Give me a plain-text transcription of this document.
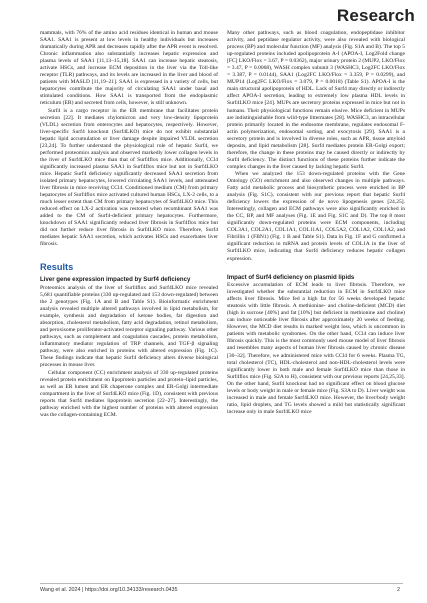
Research

mammals, with 76% of the amino acid residues identical in human and mouse SAA1. SAA1 is present at low levels in healthy individuals but increases dramatically during APR and decreases rapidly after the APR event is resolved. Chronic inflammation also substantially increases hepatic expression and plasma levels of SAA1 [11,13–15,18]. SAA1 can increase hepatic steatosis, activate HSCs, and increase ECM deposition in the liver via the Toll-like receptor (TLR) pathways, and its levels are increased in the liver and blood of patients with MASLD [11,19–21]. SAA1 is expressed in a variety of cells, but hepatocytes contribute the majority of circulating SAA1 under basal and stimulated conditions. How SAA1 is transported from the endoplasmic reticulum (ER) and secreted from cells, however, is still unknown.

Surf4 is a cargo receptor in the ER membrane that facilitates protein secretion [22]. It mediates chylomicron and very low-density lipoprotein (VLDL) secretion from enterocytes and hepatocytes, respectively. However, liver-specific Surf4 knockout (Surf4LKO) mice do not exhibit substantial hepatic lipid accumulation or liver damage despite impaired VLDL secretion [23,24]. To further understand the physiological role of hepatic Surf4, we performed proteomics analysis and observed markedly lower collagen levels in the liver of Surf4LKO mice than that of Surf4flox mice. Additionally, CCl4 significantly increased plasma SAA1 in Surf4flox mice but not in Surf4LKO mice. Hepatic Surf4 deficiency significantly decreased SAA1 secretion from isolated primary hepatocytes, lowered circulating SAA1 levels, and attenuated liver fibrosis in mice receiving CCl4. Conditioned medium (CM) from primary hepatocytes of Surf4flox mice activated cultured human HSCs, LX-2 cells, to a much lesser extent than CM from primary hepatocytes of Surf4LKO mice. This reduced effect on LX-2 activation was restored when recombinant SAA1 was added to the CM of Surf4-deficient primary hepatocytes. Furthermore, knockdown of SAA1 significantly reduced liver fibrosis in Surf4flox mice but did not further reduce liver fibrosis in Surf4LKO mice. Therefore, Surf4 mediates hepatic SAA1 secretion, which activates HSCs and exacerbates liver fibrosis.

Results
Liver gene expression impacted by Surf4 deficiency

Proteomics analysis of the liver of Surf4flox and Surf4LKO mice revealed 5,681 quantifiable proteins (330 up-regulated and 153 down-regulated) between the 2 genotypes (Fig. 1A and B and Table S1). Bioinformatic enrichment analysis revealed multiple altered pathways involved in lipid metabolism, for example, synthesis and degradation of ketone bodies, fat digestion and absorption, cholesterol metabolism, fatty acid degradation, retinol metabolism, and peroxisome proliferator-activated receptor signaling pathway. Various other pathways, such as complement and coagulation cascades, protein metabolism, inflammatory mediator regulation of TRP channels, and TGF-β signaling pathway, were also enriched in proteins with altered expression (Fig. 1C). These findings indicate that hepatic Surf4 deficiency alters diverse biological processes in mouse liver.

Cellular component (CC) enrichment analysis of 330 up-regulated proteins revealed protein enrichment on lipoprotein particles and protein–lipid particles, as well as ER lumen and ER chaperone complex and ER-Golgi intermediate compartment in the liver of Surf4LKO mice (Fig. 1D), consistent with previous reports that Surf4 mediates lipoprotein secretion [22–27]. Interestingly, the pathway enriched with the highest number of proteins with altered expression was the collagen-containing ECM.

Many other pathways, such as blood coagulation, endopeptidase inhibitor activity, and peptidase regulator activity, were also revealed with biological process (BP) and molecular function (MF) analysis (Fig. S1A and B). The top 5 up-regulated proteins included apolipoprotein A-I (APOA-I, Log2Fold change [FC] LKO/Flox = 3.67, P = 0.0362), major urinary protein 2 (MUP2, LKO/Flox = 3.47, P = 0.0068), WASH complex subunit 3 (WASHC3, Log2FC LKO/Flox = 3.387, P = 0.0144), SAA1 (Log2FC LKO/Flox = 3.359, P = 0.0299), and MUP14 (Log2FC LKO/Flox = 3.079, P = 0.0018) (Table S1). APOA-I is the main structural apolipoprotein of HDL. Lack of Surf4 may directly or indirectly affect APOA-I secretion, leading to extremely low plasma HDL levels in Surf4LKO mice [24]. MUPs are secretory proteins expressed in mice but not in humans. Their physiological functions remain elusive. Mice deficient in MUPs are indistinguishable from wild-type littermates [28]. WASHC3, an intracellular protein primarily located in the endosome membrane, regulates endosomal F-actin polymerization, endosomal sorting, and exocytosis [29]. SAA1 is a secretory protein and is involved in diverse roles, such as APR, tissue amyloid deposits, and lipid metabolism [28]. Surf4 mediates protein ER-Golgi export; therefore, the change in these proteins may be caused directly or indirectly by Surf4 deficiency. The distinct functions of these proteins further indicate the complex changes in the liver caused by lacking hepatic Surf4.

When we analyzed the 153 down-regulated proteins with the Gene Ontology (GO) enrichment and also observed changes in multiple pathways. Fatty acid metabolic process and biosynthetic process were enriched in BP analysis (Fig. S1C), consistent with our previous report that hepatic Surf4 deficiency lowers the expression of de novo lipogenesis genes [24,25]. Interestingly, collagen and ECM pathways were also significantly enriched in the CC, BP, and MF analyses (Fig. 1E and Fig. S1C and D). The top 8 most significantly down-regulated proteins were ECM components, including COL3A1, COL2A1, COL1A1, COL11A1, COL5A2, COL1A2, COL1A2, and Fibrillin 1 (FBN1) (Fig. 1 B and Table S1). Data in Fig. 1F and G confirmed a significant reduction in mRNA and protein levels of COL1A in the liver of Surf4LKO mice, indicating that Surf4 deficiency reduces hepatic collagen expression.

Impact of Surf4 deficiency on plasmid lipids

Excessive accumulation of ECM leads to liver fibrosis. Therefore, we investigated whether the substantial reduction in ECM in Surf4LKO mice affects liver fibrosis. Mice fed a high fat for 56 weeks developed hepatic steatosis with little fibrosis. A methionine- and choline-deficient (MCD) diet (high in sucrose [40%] and fat [10%] but deficient in methionine and choline) can induce noticeable liver fibrosis after approximately 20 weeks of feeding. However, the MCD diet results in marked weight loss, which is uncommon in patients with metabolic syndromes. On the other hand, CCl4 can induce liver fibrosis quickly. This is the most commonly used mouse model of liver fibrosis and resembles many aspects of human liver fibrosis caused by chronic disease [30–32]. Therefore, we administered mice with CCl4 for 6 weeks. Plasma TG, total cholesterol (TC), HDL-cholesterol and non-HDL-cholesterol levels were significantly lower in both male and female Surf4LKO mice than those in Surf4flox mice (Fig. S2A to H), consistent with our previous reports [24,25,33]. On the other hand, Surf4 knockout had no significant effect on blood glucose levels or body weight in male or female mice (Fig. S3A to D). Liver weight was increased in male and female Surf4LKO mice. However, the liver/body weight ratio, lipid droplets, and TG levels showed a mild but statistically significant increase only in male Surf4LKO mice

Wang et al. 2024 | https://doi.org/10.34133/research.0435	2
